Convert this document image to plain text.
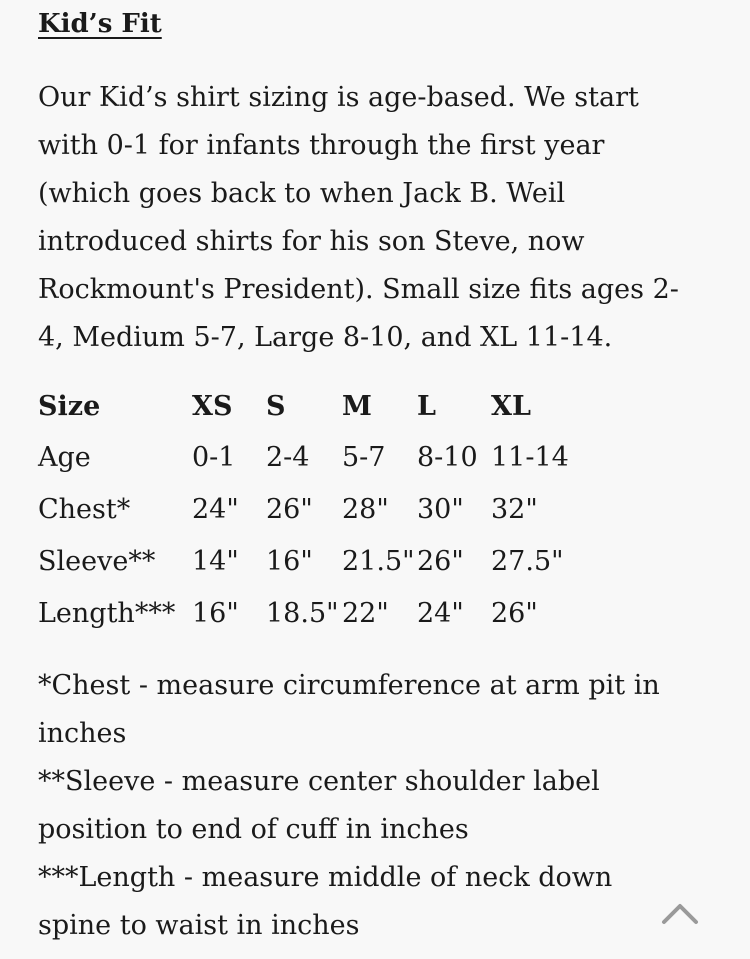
Kid’s Fit

Our Kid’s shirt sizing is age-based. We start
with 0-1 for infants through the first year
(which goes back to when Jack B. Weil
introduced shirts for his son Steve, now
Rockmount's President). Small size fits ages 2-
4, Medium 5-7, Large 8-10, and XL 11-14.

Size	XS	S	M	L	XL
Age	0-1	2-4	5-7	8-10	11-14
Chest*	24"	26"	28"	30"	32"
Sleeve**	14"	16"	21.5"	26"	27.5"
Length***	16"	18.5"	22"	24"	26"
*Chest - measure circumference at arm pit in
inches
**Sleeve - measure center shoulder label
position to end of cuff in inches
***Length - measure middle of neck down
spine to waist in inches
